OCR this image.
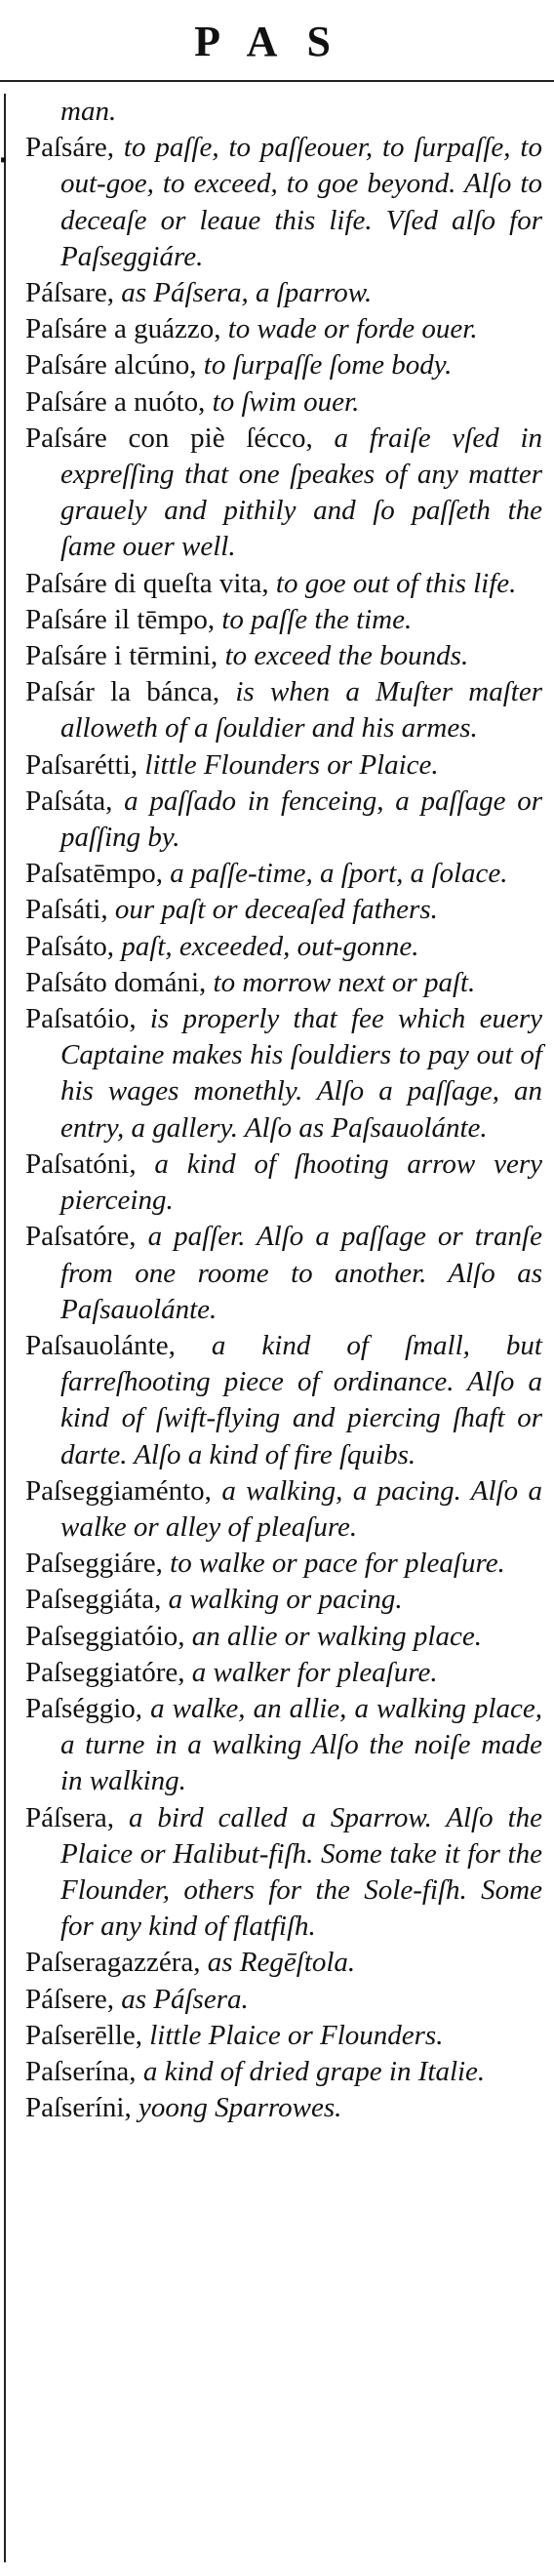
PAS
▪

man.

Paſsáre, to paſſe, to paſſeouer, to ſurpaſſe, to out-goe, to exceed, to goe beyond. Alſo to deceaſe or leaue this life. Vſed alſo for Paſseggiáre.

Páſsare, as Páſsera, a ſparrow.

Paſsáre a guázzo, to wade or forde ouer.

Paſsáre alcúno, to ſurpaſſe ſome body.

Paſsáre a nuóto, to ſwim ouer.

Paſsáre con piè ſécco, a fraiſe vſed in expreſſing that one ſpeakes of any matter grauely and pithily and ſo paſſeth the ſame ouer well.

Paſsáre di queſta vita, to goe out of this life.

Paſsáre il tēmpo, to paſſe the time.

Paſsáre i tērmini, to exceed the bounds.

Paſsár la bánca, is when a Muſter maſter alloweth of a ſouldier and his armes.

Paſsarétti, little Flounders or Plaice.

Paſsáta, a paſſado in fenceing, a paſſage or paſſing by.

Paſsatēmpo, a paſſe-time, a ſport, a ſolace.

Paſsáti, our paſt or deceaſed fathers.

Paſsáto, paſt, exceeded, out-gonne.

Paſsáto dománi, to morrow next or paſt.

Paſsatóio, is properly that fee which euery Captaine makes his ſouldiers to pay out of his wages monethly. Alſo a paſſage, an entry, a gallery. Alſo as Paſsauolánte.

Paſsatóni, a kind of ſhooting arrow very pierceing.

Paſsatóre, a paſſer. Alſo a paſſage or tranſe from one roome to another. Alſo as Paſsauolánte.

Paſsauolánte, a kind of ſmall, but farreſhooting piece of ordinance. Alſo a kind of ſwift-flying and piercing ſhaft or darte. Alſo a kind of fire ſquibs.

Paſseggiaménto, a walking, a pacing. Alſo a walke or alley of pleaſure.

Paſseggiáre, to walke or pace for pleaſure.

Paſseggiáta, a walking or pacing.

Paſseggiatóio, an allie or walking place.

Paſseggiatóre, a walker for pleaſure.

Paſséggio, a walke, an allie, a walking place, a turne in a walking Alſo the noiſe made in walking.

Páſsera, a bird called a Sparrow. Alſo the Plaice or Halibut-fiſh. Some take it for the Flounder, others for the Sole-fiſh. Some for any kind of flatfiſh.

Paſseragazzéra, as Regēſtola.

Páſsere, as Páſsera.

Paſserēlle, little Plaice or Flounders.

Paſserína, a kind of dried grape in Italie.

Paſseríni, yoong Sparrowes.
